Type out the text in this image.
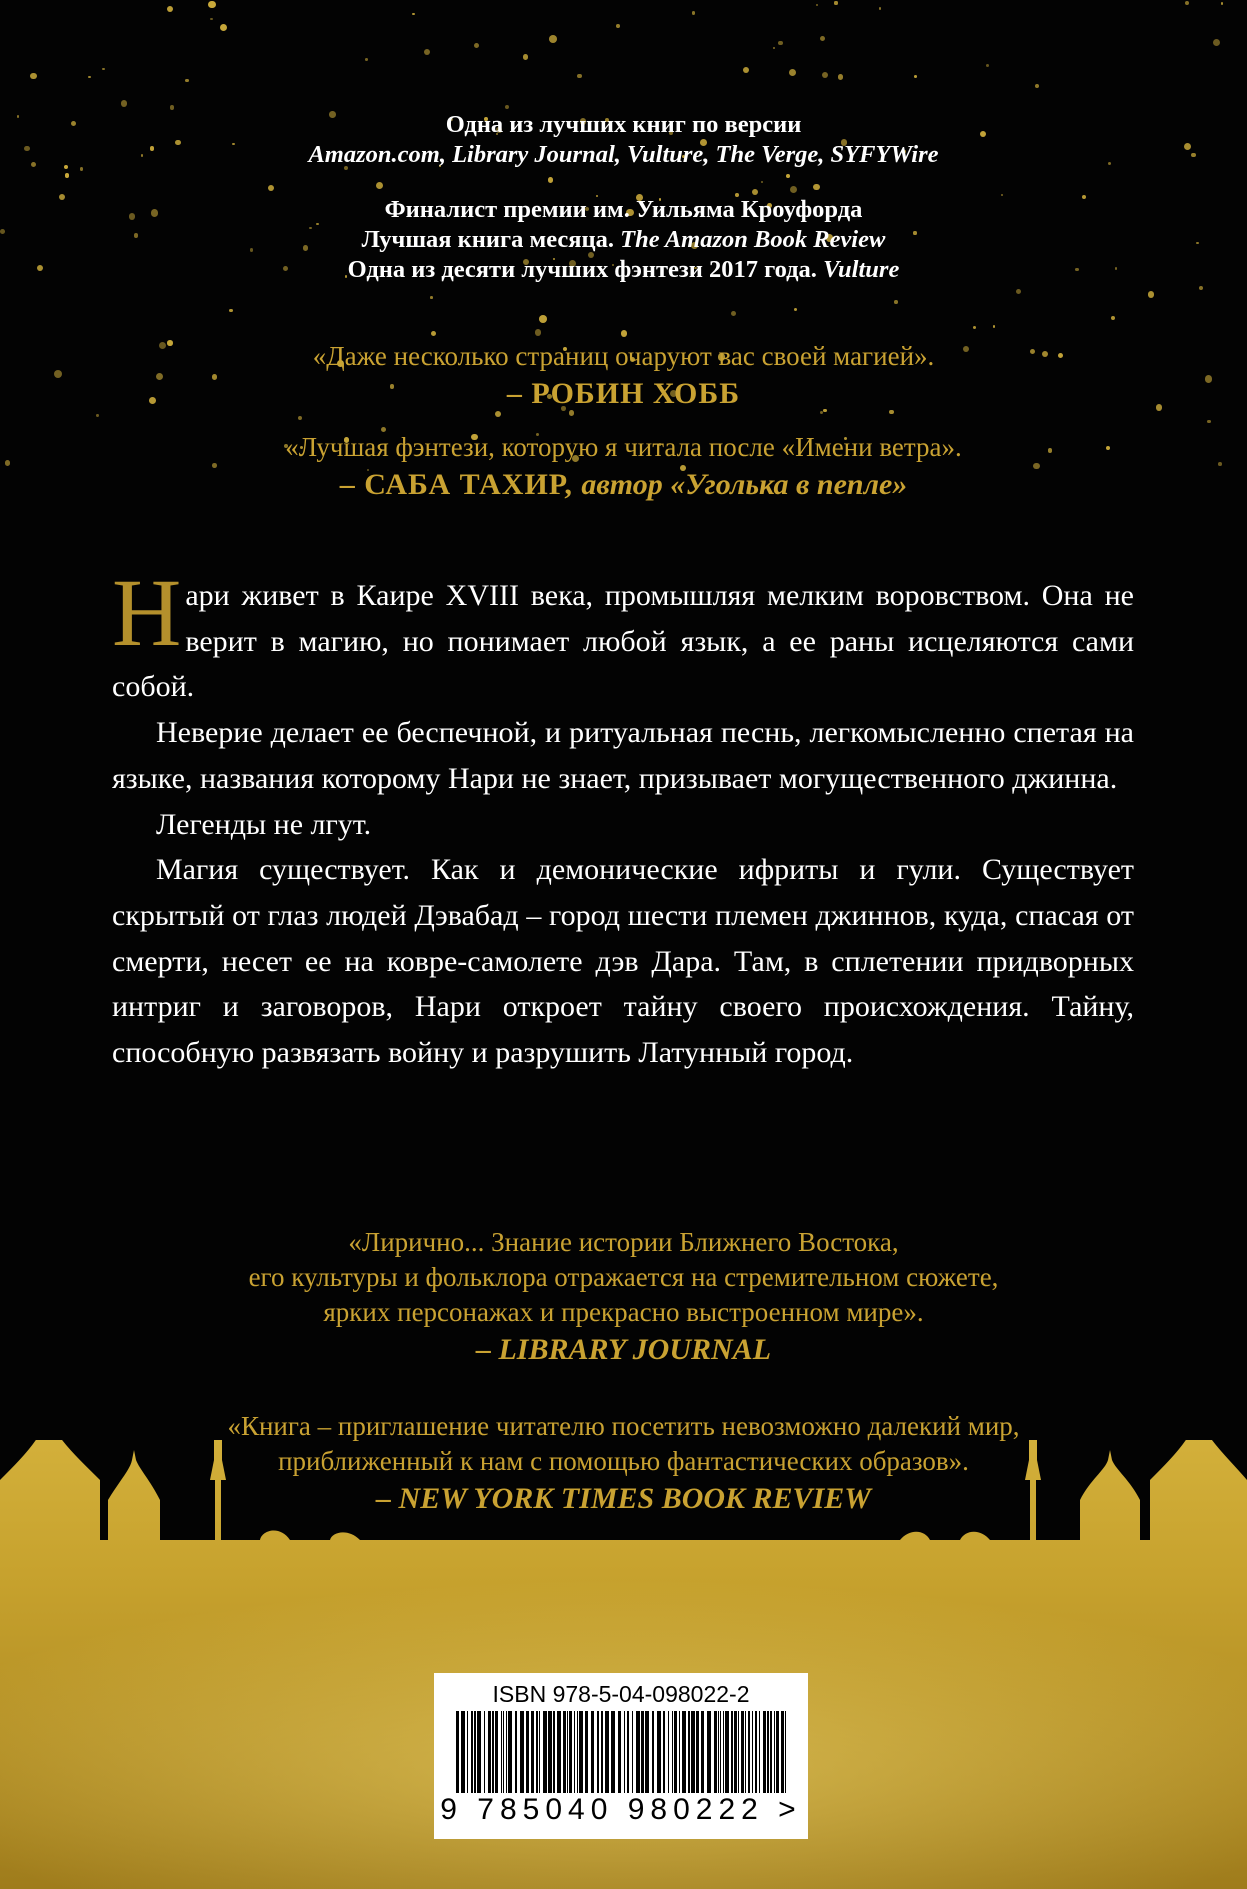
Одна из лучших книг по версии
Amazon.com, Library Journal, Vulture, The Verge, SYFYWire
Финалист премии им. Уильяма Кроуфорда
Лучшая книга месяца. The Amazon Book Review
Одна из десяти лучших фэнтези 2017 года. Vulture
«Даже несколько страниц очаруют вас своей магией».
– РОБИН ХОББ
«Лучшая фэнтези, которую я читала после «Имени ветра».
– САБА ТАХИР, автор «Уголька в пепле»

Нари живет в Каире XVIII века, промышляя мелким воровством. Она не верит в магию, но понимает любой язык, а ее раны исцеляются сами собой.

Неверие делает ее беспечной, и ритуальная песнь, легкомысленно спетая на языке, названия которому Нари не знает, призывает могущественного джинна.

Легенды не лгут.

Магия существует. Как и демонические ифриты и гули. Существует скрытый от глаз людей Дэвабад – город шести племен джиннов, куда, спасая от смерти, несет ее на ковре-самолете дэв Дара. Там, в сплетении придворных интриг и заговоров, Нари откроет тайну своего происхождения. Тайну, способную развязать войну и разрушить Латунный город.

«Лирично... Знание истории Ближнего Востока,
его культуры и фольклора отражается на стремительном сюжете,
ярких персонажах и прекрасно выстроенном мире».
– LIBRARY JOURNAL
«Книга – приглашение читателю посетить невозможно далекий мир,
приближенный к нам с помощью фантастических образов».
– NEW YORK TIMES BOOK REVIEW
ISBN 978-5-04-098022-2
9 785040 980222 >
